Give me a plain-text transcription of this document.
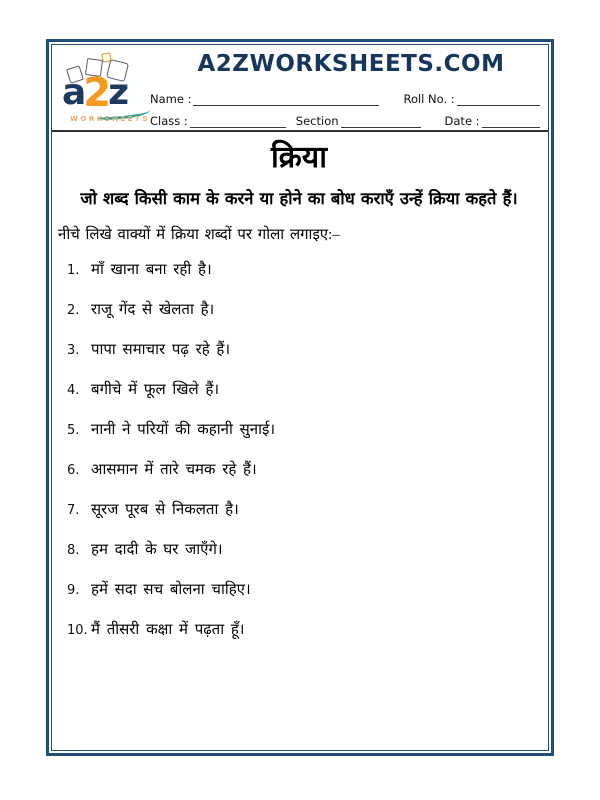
a2z
WORKSHEETS
A2ZWORKSHEETS.COM
Name :	Roll No. :
Class :	Section	Date :
क्रिया
जो शब्द किसी काम के करने या होने का बोध कराएँ उन्हें क्रिया कहते हैं।
नीचे लिखे वाक्यों में क्रिया शब्दों पर गोला लगाइए:–
1. माँ खाना बना रही है।
2. राजू गेंद से खेलता है।
3. पापा समाचार पढ़ रहे हैं।
4. बगीचे में फूल खिले हैं।
5. नानी ने परियों की कहानी सुनाई।
6. आसमान में तारे चमक रहे हैं।
7. सूरज पूरब से निकलता है।
8. हम दादी के घर जाएँगे।
9. हमें सदा सच बोलना चाहिए।
10. मैं तीसरी कक्षा में पढ़ता हूँ।
